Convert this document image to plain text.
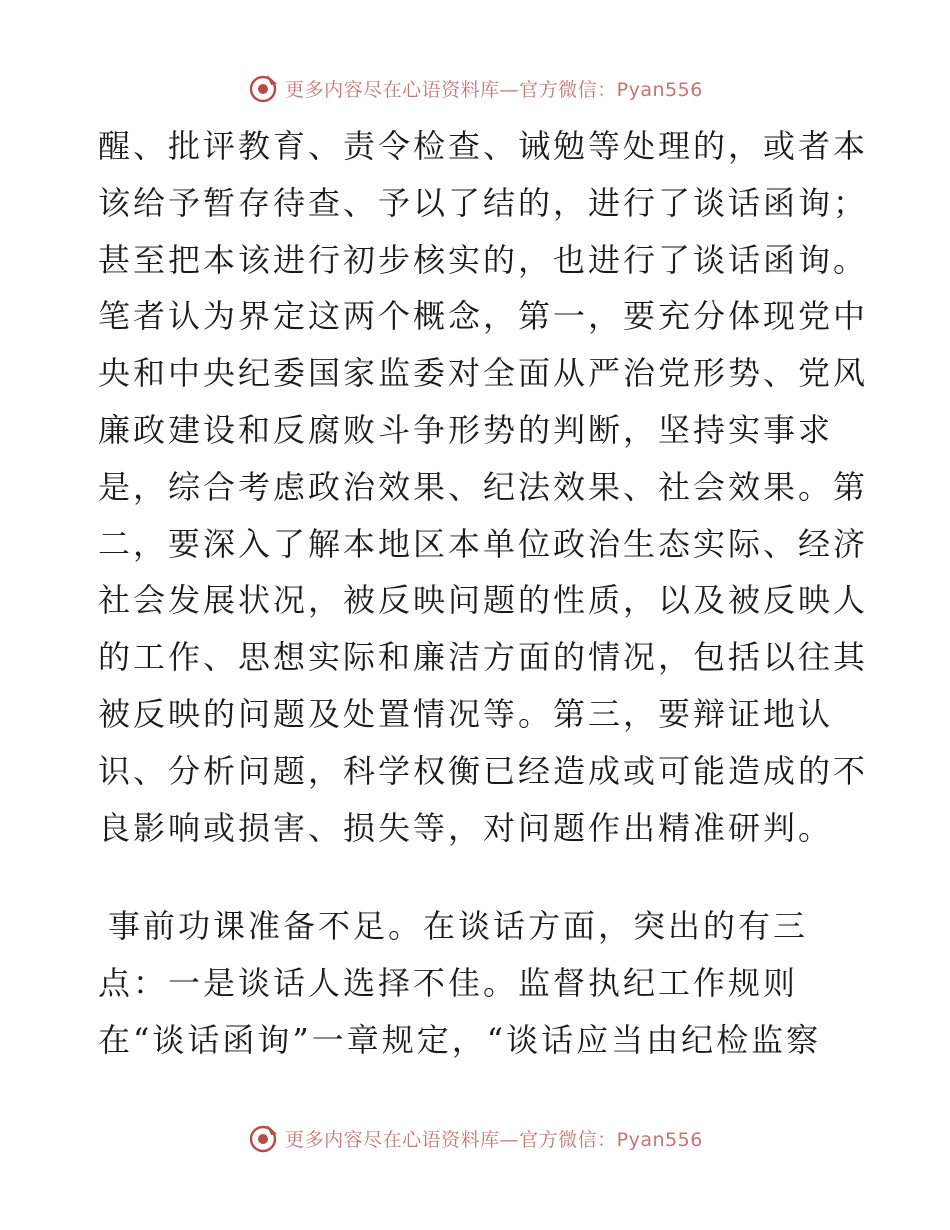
更多内容尽在心语资料库—官方微信：Pyan556
醒、批评教育、责令检查、诫勉等处理的，或者本
该给予暂存待查、予以了结的，进行了谈话函询；
甚至把本该进行初步核实的，也进行了谈话函询。
笔者认为界定这两个概念，第一，要充分体现党中
央和中央纪委国家监委对全面从严治党形势、党风
廉政建设和反腐败斗争形势的判断，坚持实事求
是，综合考虑政治效果、纪法效果、社会效果。第
二，要深入了解本地区本单位政治生态实际、经济
社会发展状况，被反映问题的性质，以及被反映人
的工作、思想实际和廉洁方面的情况，包括以往其
被反映的问题及处置情况等。第三，要辩证地认
识、分析问题，科学权衡已经造成或可能造成的不
良影响或损害、损失等，对问题作出精准研判。
事前功课准备不足。在谈话方面，突出的有三
点：一是谈话人选择不佳。监督执纪工作规则
在“谈话函询”一章规定，“谈话应当由纪检监察
更多内容尽在心语资料库—官方微信：Pyan556
